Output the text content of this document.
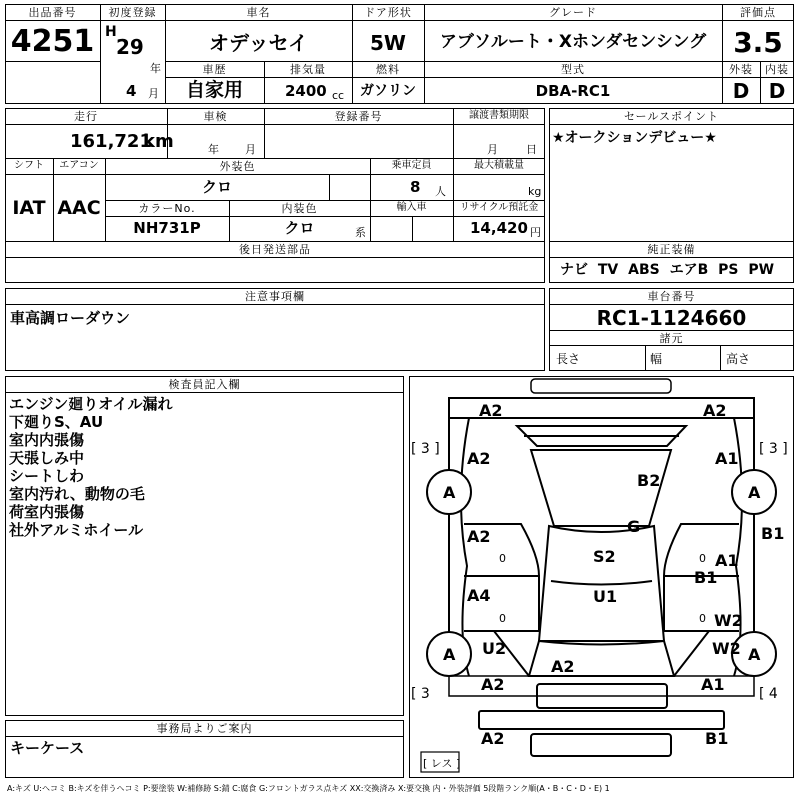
出品番号
4251
初度登録
H
29
年
4 月
車名
オデッセイ
ドア形状
5W
グレード
アブソルート・Xホンダセンシング
評価点
3.5
車歴
自家用
排気量
2400 cc
燃料
ガソリン
型式
DBA-RC1
外装
D
内装
D
走行
161,721
km
車検
年 月
登録番号	譲渡書類期限
月	日
シフト
IAT
エアコン
AAC
外装色
クロ
乗車定員
8 人
最大積載量
kg
カラーNo.
NH731P
内装色
クロ	系
輸入車	リサイクル預託金
14,420 円
後日発送部品
セールスポイント
★オークションデビュー★
純正装備
ナビ TV ABS エアB PS PW
注意事項欄
車高調ローダウン
車台番号
RC1-1124660
諸元
長さ	幅	高さ
検査員記入欄
エンジン廻りオイル漏れ
下廻りS、AU
室内内張傷
天張しみ中
シートしわ
室内汚れ、動物の毛
荷室内張傷
社外アルミホイール
事務局よりご案内
キーケース
A2	A2
A2	A1
B2
B1
G
A2
S2	A1
B1
A4	U1
W2
U2	W2
A2
A2	A1
A2	B1
A	A
A	A
[ 3 ]	[ 3 ]
[ 3	[ 4
0	0
0	0
[ レス ]
A:キズ U:ヘコミ B:キズを伴うヘコミ P:要塗装 W:補修跡 S:錆 C:腐食 G:フロントガラス点キズ XX:交換済み X:要交換 内・外装評価 5段階ランク順(A・B・C・D・E) 1
